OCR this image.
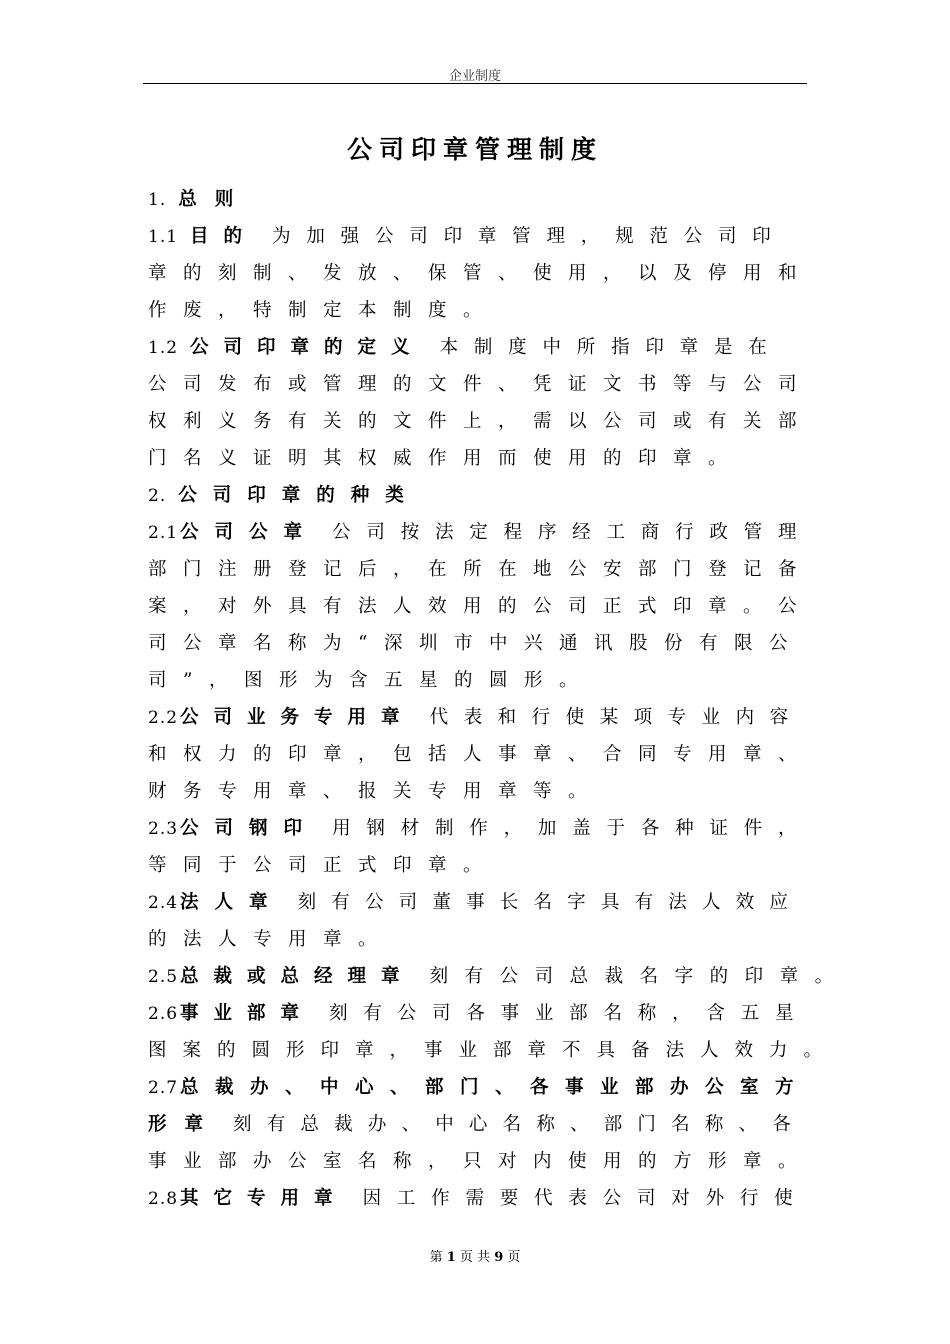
企业制度
公司印章管理制度
1. 总则
1.1 目的 为加强公司印章管理，规范公司印
章的刻制、发放、保管、使用，以及停用和
作废，特制定本制度。
1.2 公司印章的定义 本制度中所指印章是在
公司发布或管理的文件、凭证文书等与公司
权利义务有关的文件上，需以公司或有关部
门名义证明其权威作用而使用的印章。
2. 公司印章的种类
2.1 公司公章 公司按法定程序经工商行政管理
部门注册登记后，在所在地公安部门登记备
案，对外具有法人效用的公司正式印章。公
司公章名称为“深圳市中兴通讯股份有限公
司”，图形为含五星的圆形。
2.2 公司业务专用章 代表和行使某项专业内容
和权力的印章，包括人事章、合同专用章、
财务专用章、报关专用章等。
2.3 公司钢印 用钢材制作，加盖于各种证件，
等同于公司正式印章。
2.4 法人章 刻有公司董事长名字具有法人效应
的法人专用章。
2.5 总裁或总经理章 刻有公司总裁名字的印章。
2.6 事业部章 刻有公司各事业部名称，含五星
图案的圆形印章，事业部章不具备法人效力。
2.7 总裁办、中心、部门、各事业部办公室方
形章 刻有总裁办、中心名称、部门名称、各
事业部办公室名称，只对内使用的方形章。
2.8 其它专用章 因工作需要代表公司对外行使
第 1 页 共 9 页
